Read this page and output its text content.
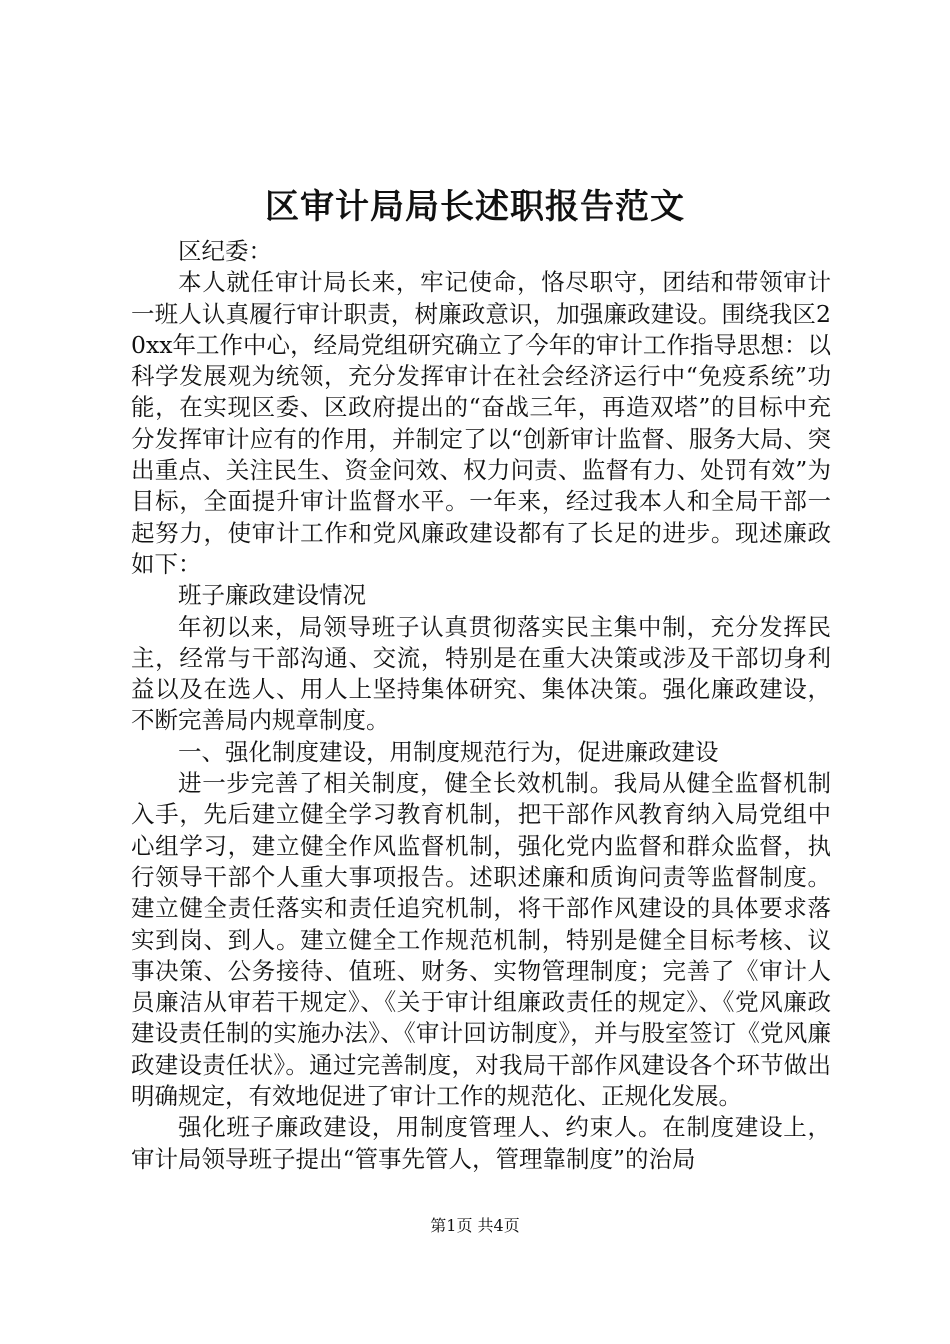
区审计局局长述职报告范文

区纪委：

本人就任审计局长来，牢记使命，恪尽职守，团结和带领审计一班人认真履行审计职责，树廉政意识，加强廉政建设。围绕我区20xx年工作中心，经局党组研究确立了今年的审计工作指导思想：以科学发展观为统领，充分发挥审计在社会经济运行中“免疫系统”功能，在实现区委、区政府提出的“奋战三年，再造双塔”的目标中充分发挥审计应有的作用，并制定了以“创新审计监督、服务大局、突出重点、关注民生、资金问效、权力问责、监督有力、处罚有效”为目标，全面提升审计监督水平。一年来，经过我本人和全局干部一起努力，使审计工作和党风廉政建设都有了长足的进步。现述廉政如下：

班子廉政建设情况

年初以来，局领导班子认真贯彻落实民主集中制，充分发挥民主，经常与干部沟通、交流，特别是在重大决策或涉及干部切身利益以及在选人、用人上坚持集体研究、集体决策。强化廉政建设，不断完善局内规章制度。

一、强化制度建设，用制度规范行为，促进廉政建设

进一步完善了相关制度，健全长效机制。我局从健全监督机制入手，先后建立健全学习教育机制，把干部作风教育纳入局党组中心组学习，建立健全作风监督机制，强化党内监督和群众监督，执行领导干部个人重大事项报告。述职述廉和质询问责等监督制度。建立健全责任落实和责任追究机制，将干部作风建设的具体要求落实到岗、到人。建立健全工作规范机制，特别是健全目标考核、议事决策、公务接待、值班、财务、实物管理制度；完善了《审计人员廉洁从审若干规定》、《关于审计组廉政责任的规定》、《党风廉政建设责任制的实施办法》、《审计回访制度》，并与股室签订《党风廉政建设责任状》。通过完善制度，对我局干部作风建设各个环节做出明确规定，有效地促进了审计工作的规范化、正规化发展。

强化班子廉政建设，用制度管理人、约束人。在制度建设上，审计局领导班子提出“管事先管人，管理靠制度”的治局

第1页 共4页
